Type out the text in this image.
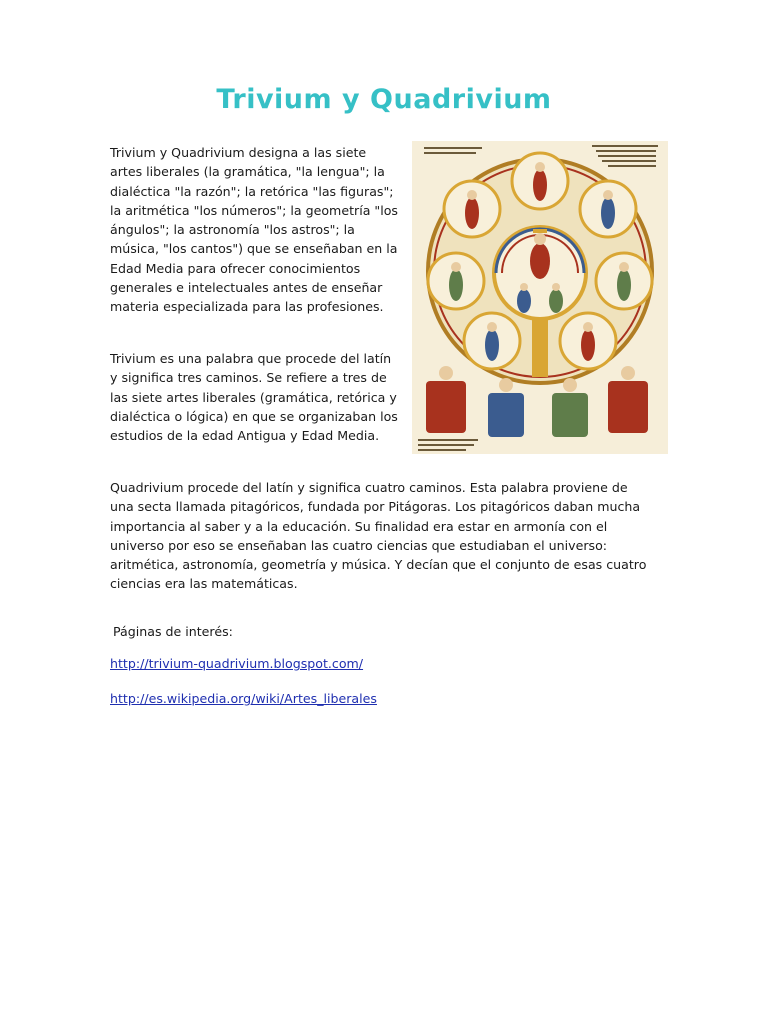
Trivium y Quadrivium

Trivium y Quadrivium designa a las siete artes liberales (la gramática, "la lengua"; la dialéctica "la razón"; la retórica "las figuras"; la aritmética "los números"; la geometría "los ángulos"; la astronomía "los astros"; la música, "los cantos") que se enseñaban en la Edad Media para ofrecer conocimientos generales e intelectuales antes de enseñar materia especializada para las profesiones.

Trivium es una palabra que procede del latín y significa tres caminos. Se refiere a tres de las siete artes liberales (gramática, retórica y dialéctica o lógica) en que se organizaban los estudios de la edad Antigua y Edad Media.

Quadrivium procede del latín y significa cuatro caminos. Esta palabra proviene de una secta llamada pitagóricos, fundada por Pitágoras. Los pitagóricos daban mucha importancia al saber y a la educación. Su finalidad era estar en armonía con el universo por eso se enseñaban las cuatro ciencias que estudiaban el universo: aritmética, astronomía, geometría y música. Y decían que el conjunto de esas cuatro ciencias era las matemáticas.

Páginas de interés:
http://trivium-quadrivium.blogspot.com/
http://es.wikipedia.org/wiki/Artes_liberales
